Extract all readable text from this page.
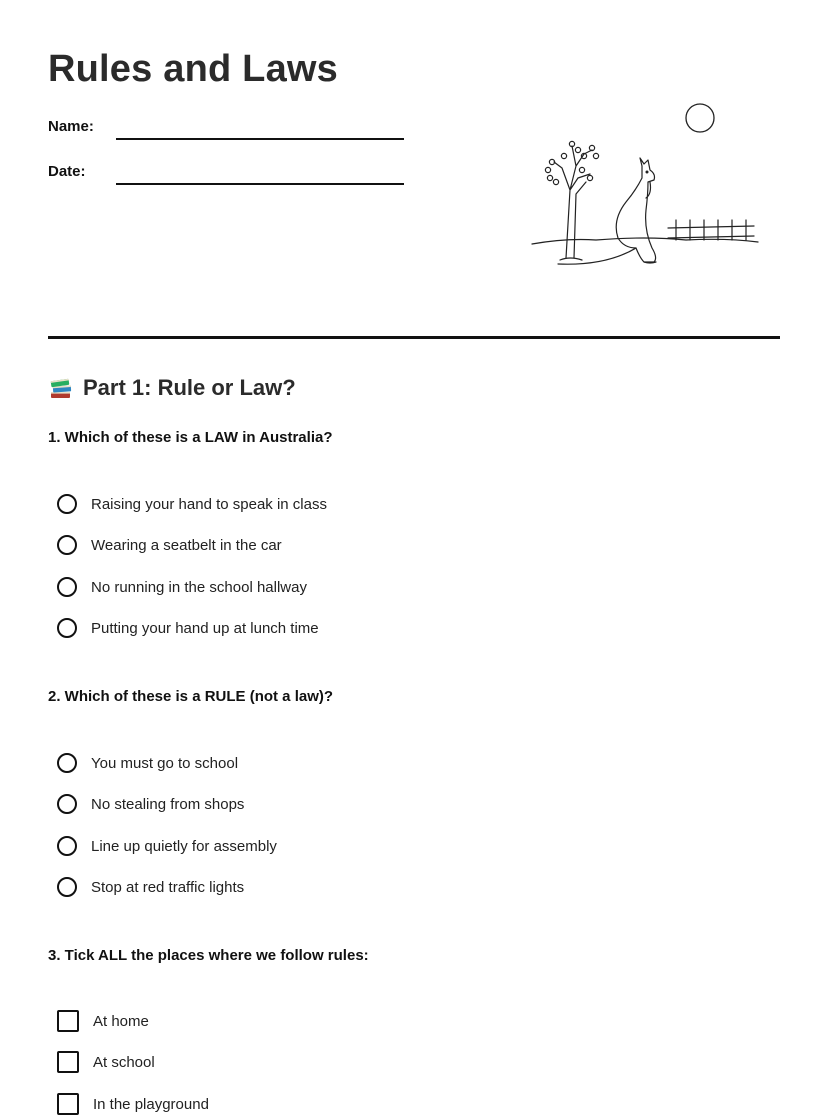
Rules and Laws
Name:
Date:
Part 1: Rule or Law?

1. Which of these is a LAW in Australia?

Raising your hand to speak in class
Wearing a seatbelt in the car
No running in the school hallway
Putting your hand up at lunch time

2. Which of these is a RULE (not a law)?

You must go to school
No stealing from shops
Line up quietly for assembly
Stop at red traffic lights

3. Tick ALL the places where we follow rules:

At home
At school
In the playground
